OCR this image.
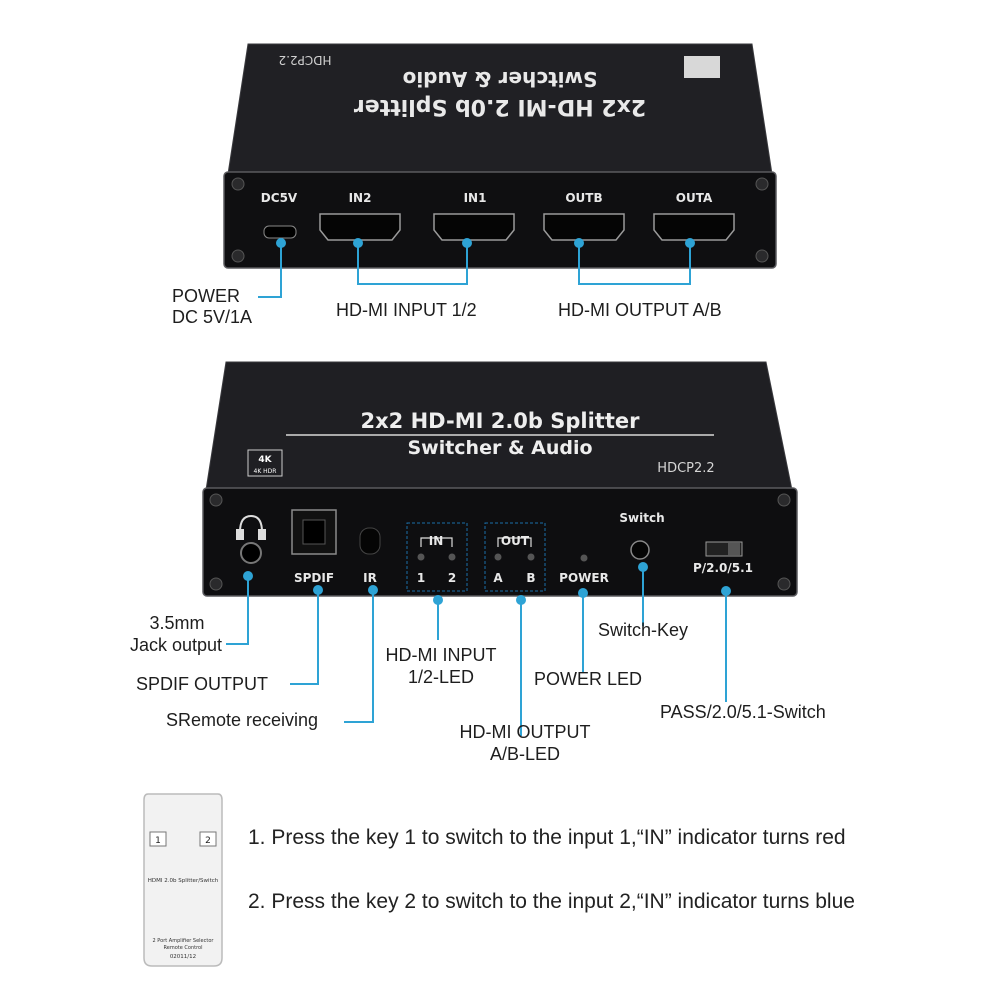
2x2 HD-MI 2.0b Splitter
Switcher & Audio
HDCP2.2
DC5V	IN2	IN1	OUTB	OUTA
POWER
DC 5V/1A	HD-MI INPUT 1/2	HD-MI OUTPUT A/B
2x2 HD-MI 2.0b Splitter
Switcher & Audio
HDCP2.2
4K
4K HDR
SPDIF IR
IN
1 2
OUT
A B POWER
Switch
P/2.0/5.1
3.5mm
Jack output
SPDIF OUTPUT
SRemote receiving
HD-MI INPUT
1/2-LED
HD-MI OUTPUT
A/B-LED
POWER LED
Switch-Key
PASS/2.0/5.1-Switch
1	2
HDMI 2.0b Splitter/Switch
2 Port Amplifier Selector
Remote Control
02011/12
1. Press the key 1 to switch to the input 1,“IN” indicator turns red
2. Press the key 2 to switch to the input 2,“IN” indicator turns blue
